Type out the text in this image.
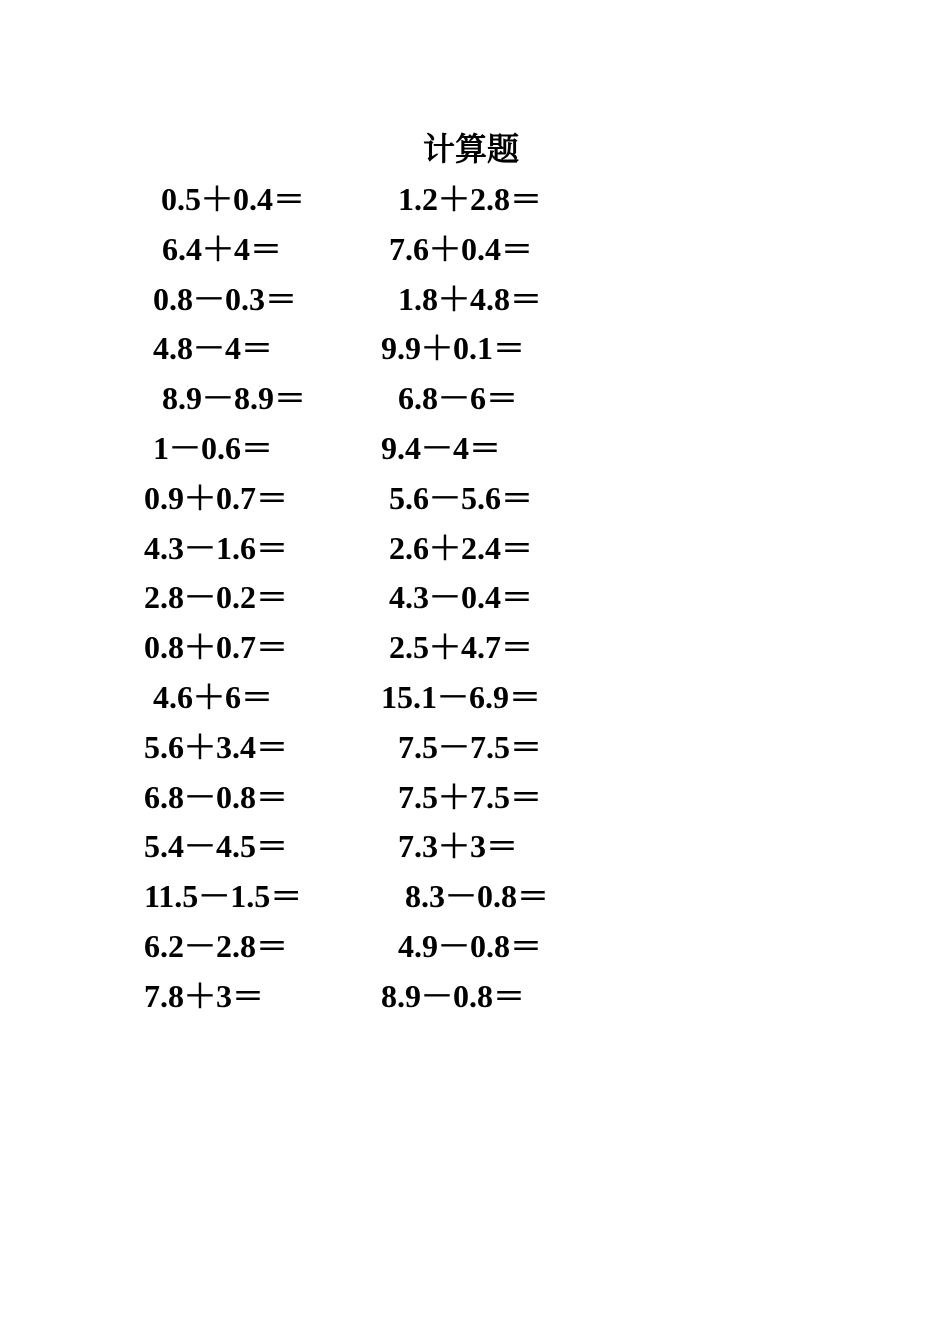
计算题
0.5＋0.4＝	1.2＋2.8＝
6.4＋4＝	7.6＋0.4＝
0.8－0.3＝	1.8＋4.8＝
4.8－4＝	9.9＋0.1＝
8.9－8.9＝	6.8－6＝
1－0.6＝	9.4－4＝
0.9＋0.7＝	5.6－5.6＝
4.3－1.6＝	2.6＋2.4＝
2.8－0.2＝	4.3－0.4＝
0.8＋0.7＝	2.5＋4.7＝
4.6＋6＝	15.1－6.9＝
5.6＋3.4＝	7.5－7.5＝
6.8－0.8＝	7.5＋7.5＝
5.4－4.5＝	7.3＋3＝
11.5－1.5＝	8.3－0.8＝
6.2－2.8＝	4.9－0.8＝
7.8＋3＝	8.9－0.8＝
